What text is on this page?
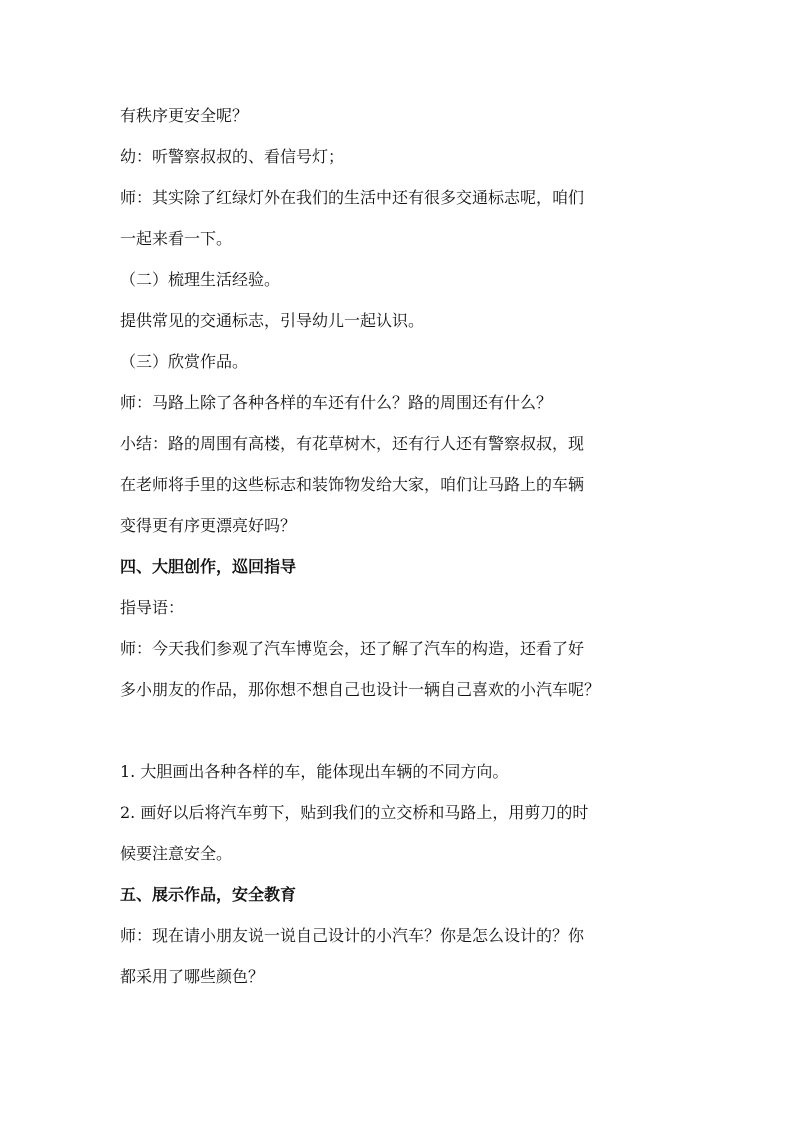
有秩序更安全呢？
幼：听警察叔叔的、看信号灯；
师：其实除了红绿灯外在我们的生活中还有很多交通标志呢，咱们
一起来看一下。
（二）梳理生活经验。
提供常见的交通标志，引导幼儿一起认识。
（三）欣赏作品。
师：马路上除了各种各样的车还有什么？路的周围还有什么？
小结：路的周围有高楼，有花草树木，还有行人还有警察叔叔，现
在老师将手里的这些标志和装饰物发给大家，咱们让马路上的车辆
变得更有序更漂亮好吗？
四、大胆创作，巡回指导
指导语：
师：今天我们参观了汽车博览会，还了解了汽车的构造，还看了好
多小朋友的作品，那你想不想自己也设计一辆自己喜欢的小汽车呢？
1. 大胆画出各种各样的车，能体现出车辆的不同方向。
2. 画好以后将汽车剪下，贴到我们的立交桥和马路上，用剪刀的时
候要注意安全。
五、展示作品，安全教育
师：现在请小朋友说一说自己设计的小汽车？你是怎么设计的？你
都采用了哪些颜色？
